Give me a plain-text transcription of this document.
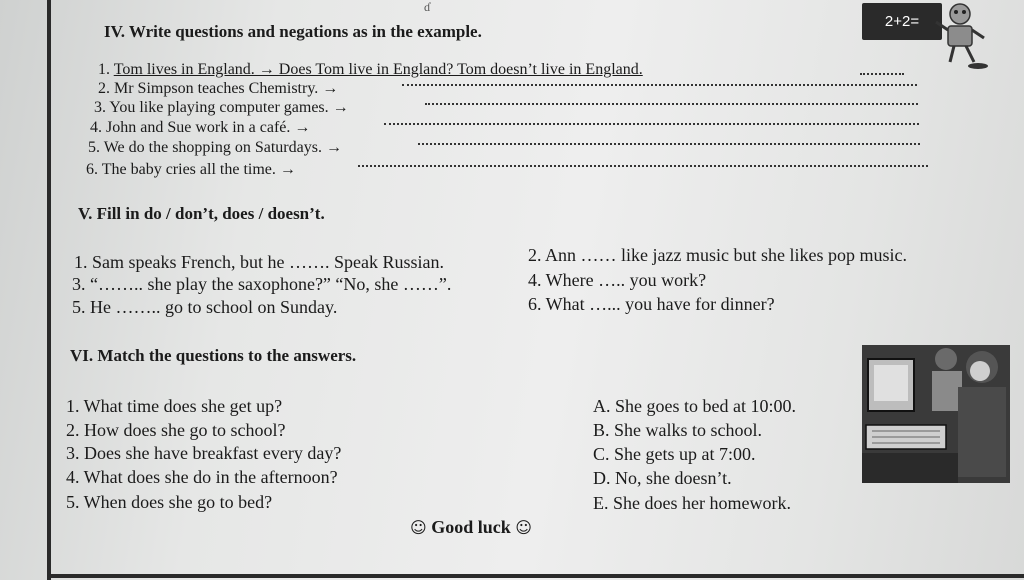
ɗ
IV. Write questions and negations as in the example.
2+2=
1. Tom lives in England. → Does Tom live in England? Tom doesn’t live in England.
2. Mr Simpson teaches Chemistry. →
3. You like playing computer games. →
4. John and Sue work in a café. →
5. We do the shopping on Saturdays. →
6. The baby cries all the time. →
V. Fill in do / don’t, does / doesn’t.
1. Sam speaks French, but he ……. Speak Russian.	2. Ann …… like jazz music but she likes pop music.
3. “…….. she play the saxophone?” “No, she ……”.	4. Where ….. you work?
5. He …….. go to school on Sunday.	6. What …... you have for dinner?
VI. Match the questions to the answers.
1. What time does she get up?
2. How does she go to school?
3. Does she have breakfast every day?
4. What does she do in the afternoon?
5. When does she go to bed?
A. She goes to bed at 10:00.
B. She walks to school.
C. She gets up at 7:00.
D. No, she doesn’t.
E. She does her homework.
☺ Good luck ☺
